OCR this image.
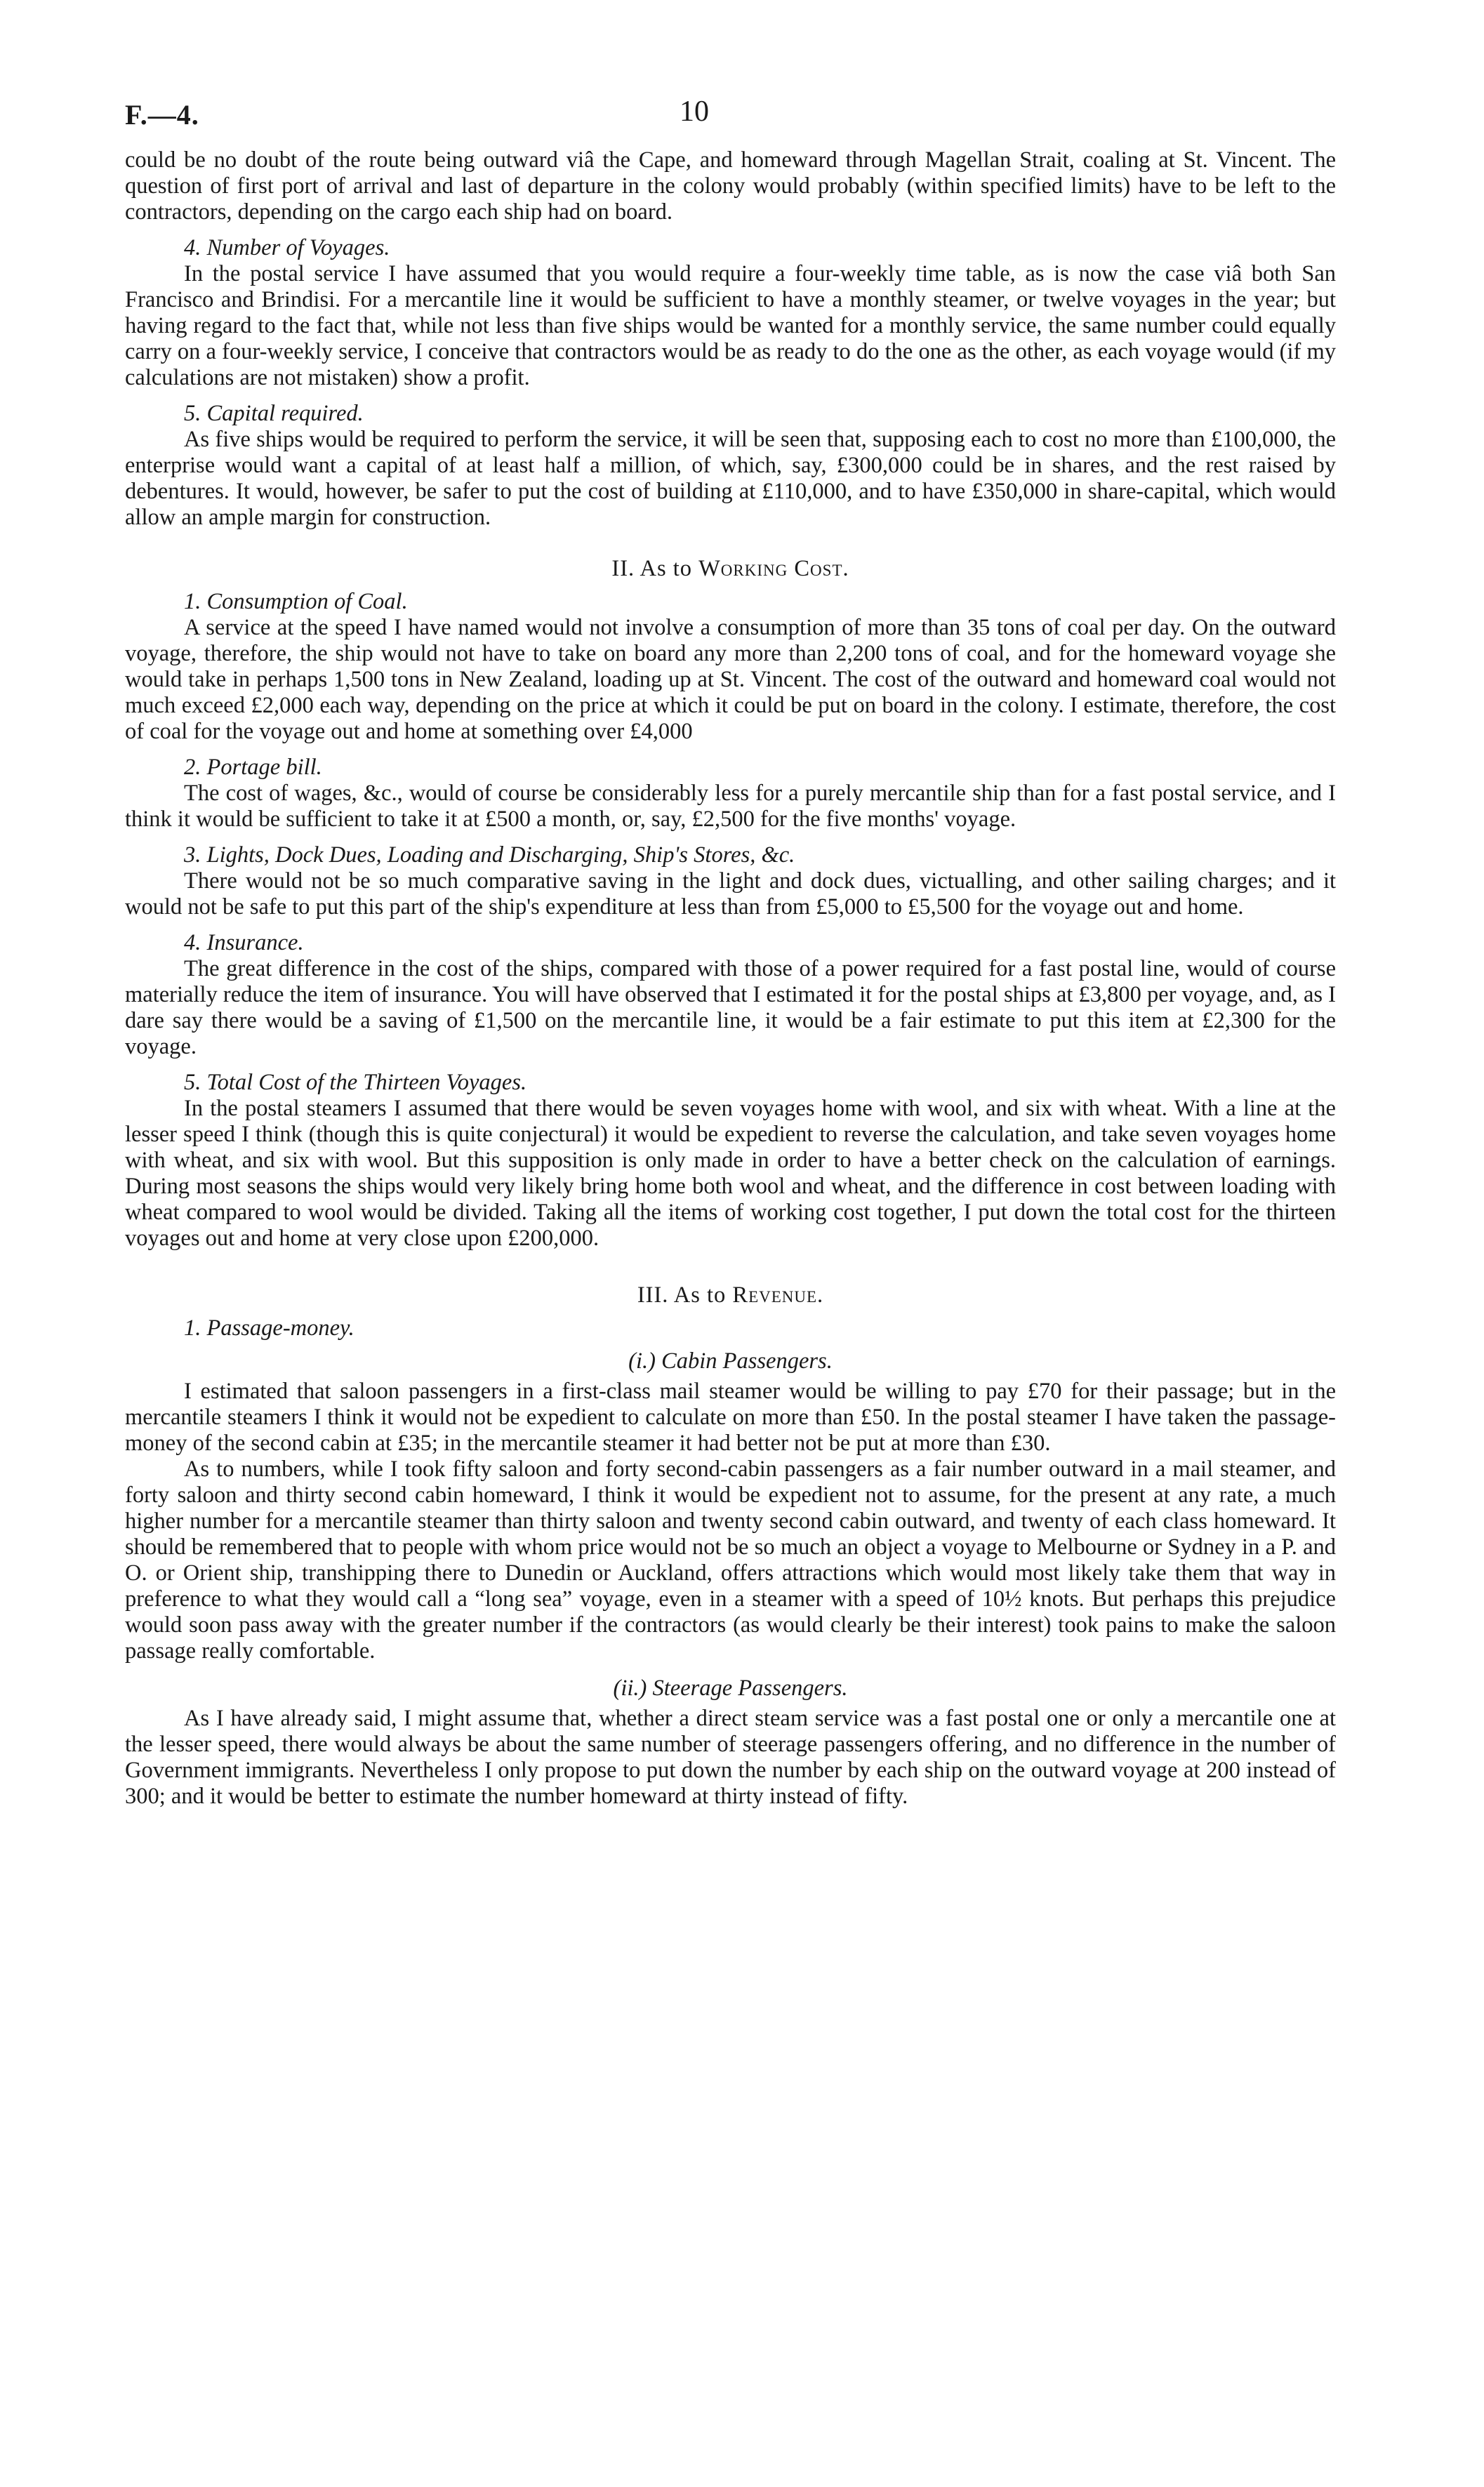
F.—4.	10

could be no doubt of the route being outward viâ the Cape, and homeward through Magellan Strait, coaling at St. Vincent. The question of first port of arrival and last of departure in the colony would probably (within specified limits) have to be left to the contractors, depending on the cargo each ship had on board.

4. Number of Voyages.

In the postal service I have assumed that you would require a four-weekly time table, as is now the case viâ both San Francisco and Brindisi. For a mercantile line it would be sufficient to have a monthly steamer, or twelve voyages in the year; but having regard to the fact that, while not less than five ships would be wanted for a monthly service, the same number could equally carry on a four-weekly service, I conceive that contractors would be as ready to do the one as the other, as each voyage would (if my calculations are not mistaken) show a profit.

5. Capital required.

As five ships would be required to perform the service, it will be seen that, supposing each to cost no more than £100,000, the enterprise would want a capital of at least half a million, of which, say, £300,000 could be in shares, and the rest raised by debentures. It would, however, be safer to put the cost of building at £110,000, and to have £350,000 in share-capital, which would allow an ample margin for construction.

II. As to Working Cost.
1. Consumption of Coal.

A service at the speed I have named would not involve a consumption of more than 35 tons of coal per day. On the outward voyage, therefore, the ship would not have to take on board any more than 2,200 tons of coal, and for the homeward voyage she would take in perhaps 1,500 tons in New Zealand, loading up at St. Vincent. The cost of the outward and homeward coal would not much exceed £2,000 each way, depending on the price at which it could be put on board in the colony. I estimate, therefore, the cost of coal for the voyage out and home at something over £4,000

2. Portage bill.

The cost of wages, &c., would of course be considerably less for a purely mercantile ship than for a fast postal service, and I think it would be sufficient to take it at £500 a month, or, say, £2,500 for the five months' voyage.

3. Lights, Dock Dues, Loading and Discharging, Ship's Stores, &c.

There would not be so much comparative saving in the light and dock dues, victualling, and other sailing charges; and it would not be safe to put this part of the ship's expenditure at less than from £5,000 to £5,500 for the voyage out and home.

4. Insurance.

The great difference in the cost of the ships, compared with those of a power required for a fast postal line, would of course materially reduce the item of insurance. You will have observed that I estimated it for the postal ships at £3,800 per voyage, and, as I dare say there would be a saving of £1,500 on the mercantile line, it would be a fair estimate to put this item at £2,300 for the voyage.

5. Total Cost of the Thirteen Voyages.

In the postal steamers I assumed that there would be seven voyages home with wool, and six with wheat. With a line at the lesser speed I think (though this is quite conjectural) it would be expedient to reverse the calculation, and take seven voyages home with wheat, and six with wool. But this supposition is only made in order to have a better check on the calculation of earnings. During most seasons the ships would very likely bring home both wool and wheat, and the difference in cost between loading with wheat compared to wool would be divided. Taking all the items of working cost together, I put down the total cost for the thirteen voyages out and home at very close upon £200,000.

III. As to Revenue.
1. Passage-money.
(i.) Cabin Passengers.

I estimated that saloon passengers in a first-class mail steamer would be willing to pay £70 for their passage; but in the mercantile steamers I think it would not be expedient to calculate on more than £50. In the postal steamer I have taken the passage-money of the second cabin at £35; in the mercantile steamer it had better not be put at more than £30.

As to numbers, while I took fifty saloon and forty second-cabin passengers as a fair number outward in a mail steamer, and forty saloon and thirty second cabin homeward, I think it would be expedient not to assume, for the present at any rate, a much higher number for a mercantile steamer than thirty saloon and twenty second cabin outward, and twenty of each class homeward. It should be remembered that to people with whom price would not be so much an object a voyage to Melbourne or Sydney in a P. and O. or Orient ship, transhipping there to Dunedin or Auckland, offers attractions which would most likely take them that way in preference to what they would call a “long sea” voyage, even in a steamer with a speed of 10½ knots. But perhaps this prejudice would soon pass away with the greater number if the contractors (as would clearly be their interest) took pains to make the saloon passage really comfortable.

(ii.) Steerage Passengers.

As I have already said, I might assume that, whether a direct steam service was a fast postal one or only a mercantile one at the lesser speed, there would always be about the same number of steerage passengers offering, and no difference in the number of Government immigrants. Nevertheless I only propose to put down the number by each ship on the outward voyage at 200 instead of 300; and it would be better to estimate the number homeward at thirty instead of fifty.
